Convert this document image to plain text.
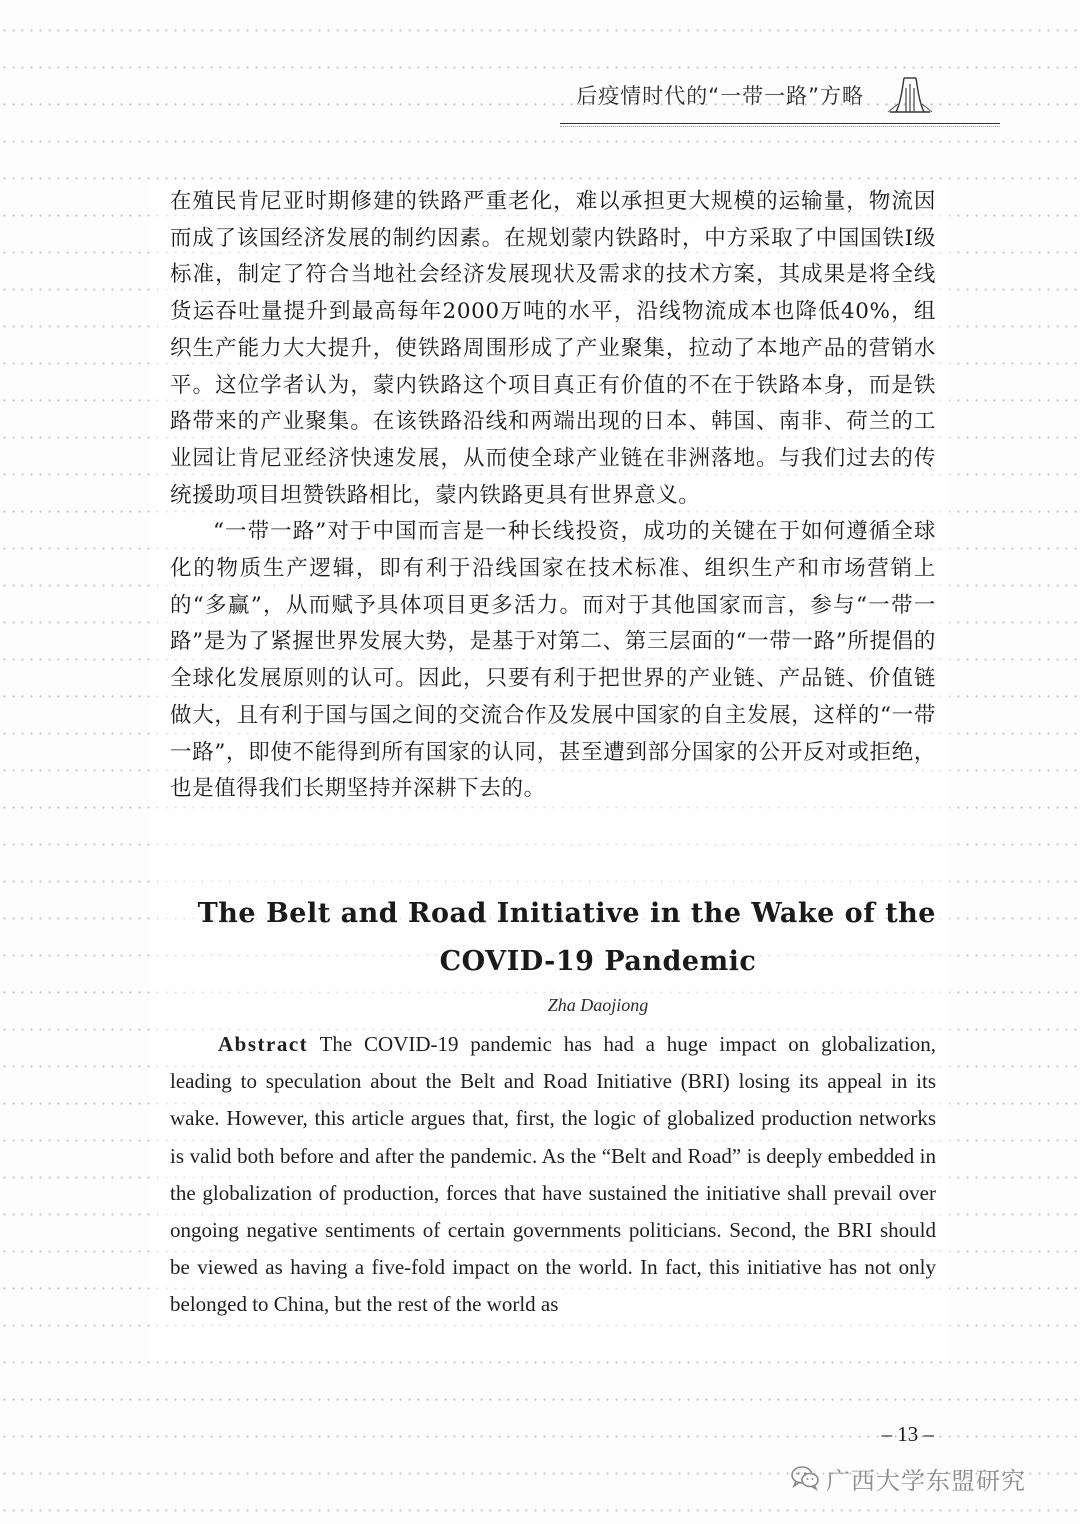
后疫情时代的“一带一路”方略

在殖民肯尼亚时期修建的铁路严重老化，难以承担更大规模的运输量，物流因而成了该国经济发展的制约因素。在规划蒙内铁路时，中方采取了中国国铁Ⅰ级标准，制定了符合当地社会经济发展现状及需求的技术方案，其成果是将全线货运吞吐量提升到最高每年2000万吨的水平，沿线物流成本也降低40%，组织生产能力大大提升，使铁路周围形成了产业聚集，拉动了本地产品的营销水平。这位学者认为，蒙内铁路这个项目真正有价值的不在于铁路本身，而是铁路带来的产业聚集。在该铁路沿线和两端出现的日本、韩国、南非、荷兰的工业园让肯尼亚经济快速发展，从而使全球产业链在非洲落地。与我们过去的传统援助项目坦赞铁路相比，蒙内铁路更具有世界意义。

“一带一路”对于中国而言是一种长线投资，成功的关键在于如何遵循全球化的物质生产逻辑，即有利于沿线国家在技术标准、组织生产和市场营销上的“多赢”，从而赋予具体项目更多活力。而对于其他国家而言，参与“一带一路”是为了紧握世界发展大势，是基于对第二、第三层面的“一带一路”所提倡的全球化发展原则的认可。因此，只要有利于把世界的产业链、产品链、价值链做大，且有利于国与国之间的交流合作及发展中国家的自主发展，这样的“一带一路”，即使不能得到所有国家的认同，甚至遭到部分国家的公开反对或拒绝，也是值得我们长期坚持并深耕下去的。

The Belt and Road Initiative in the Wake of the
COVID-19 Pandemic
Zha Daojiong

Abstract The COVID-19 pandemic has had a huge impact on globalization, leading to speculation about the Belt and Road Initiative (BRI) losing its appeal in its wake. However, this article argues that, first, the logic of globalized production networks is valid both before and after the pandemic. As the “Belt and Road” is deeply embedded in the globalization of production, forces that have sustained the initiative shall prevail over ongoing negative sentiments of certain governments politicians. Second, the BRI should be viewed as having a five-fold impact on the world. In fact, this initiative has not only belonged to China, but the rest of the world as

– 13 –
广西大学东盟研究
